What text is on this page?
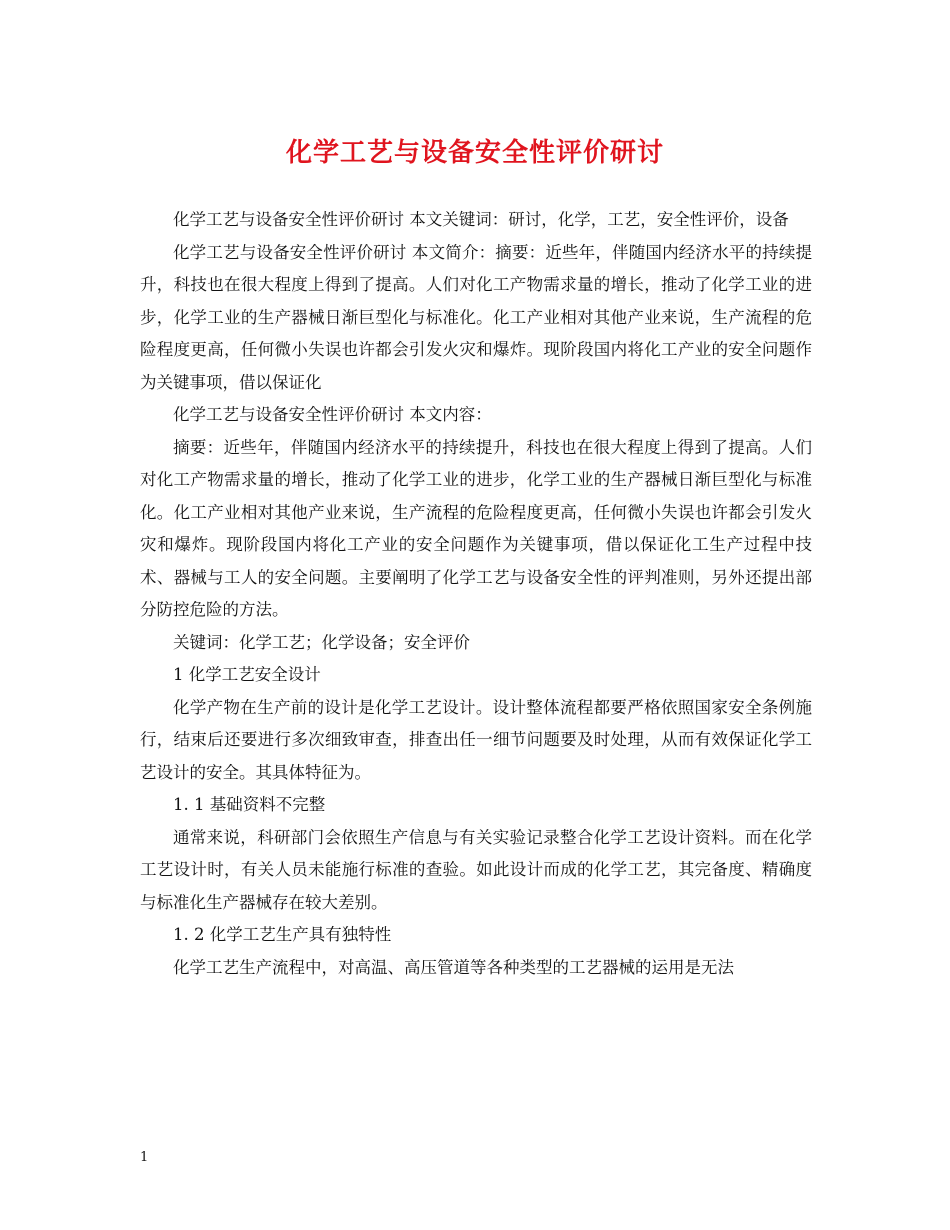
化学工艺与设备安全性评价研讨

化学工艺与设备安全性评价研讨 本文关键词：研讨，化学，工艺，安全性评价，设备

化学工艺与设备安全性评价研讨 本文简介：摘要：近些年，伴随国内经济水平的持续提升，科技也在很大程度上得到了提高。人们对化工产物需求量的增长，推动了化学工业的进步，化学工业的生产器械日渐巨型化与标准化。化工产业相对其他产业来说，生产流程的危险程度更高，任何微小失误也许都会引发火灾和爆炸。现阶段国内将化工产业的安全问题作为关键事项，借以保证化

化学工艺与设备安全性评价研讨 本文内容：

摘要：近些年，伴随国内经济水平的持续提升，科技也在很大程度上得到了提高。人们对化工产物需求量的增长，推动了化学工业的进步，化学工业的生产器械日渐巨型化与标准化。化工产业相对其他产业来说，生产流程的危险程度更高，任何微小失误也许都会引发火灾和爆炸。现阶段国内将化工产业的安全问题作为关键事项，借以保证化工生产过程中技术、器械与工人的安全问题。主要阐明了化学工艺与设备安全性的评判准则，另外还提出部分防控危险的方法。

关键词：化学工艺；化学设备；安全评价

1 化学工艺安全设计

化学产物在生产前的设计是化学工艺设计。设计整体流程都要严格依照国家安全条例施行，结束后还要进行多次细致审查，排查出任一细节问题要及时处理，从而有效保证化学工艺设计的安全。其具体特征为。

1. 1 基础资料不完整

通常来说，科研部门会依照生产信息与有关实验记录整合化学工艺设计资料。而在化学工艺设计时，有关人员未能施行标准的查验。如此设计而成的化学工艺，其完备度、精确度与标准化生产器械存在较大差别。

1. 2 化学工艺生产具有独特性

化学工艺生产流程中，对高温、高压管道等各种类型的工艺器械的运用是无法

1
